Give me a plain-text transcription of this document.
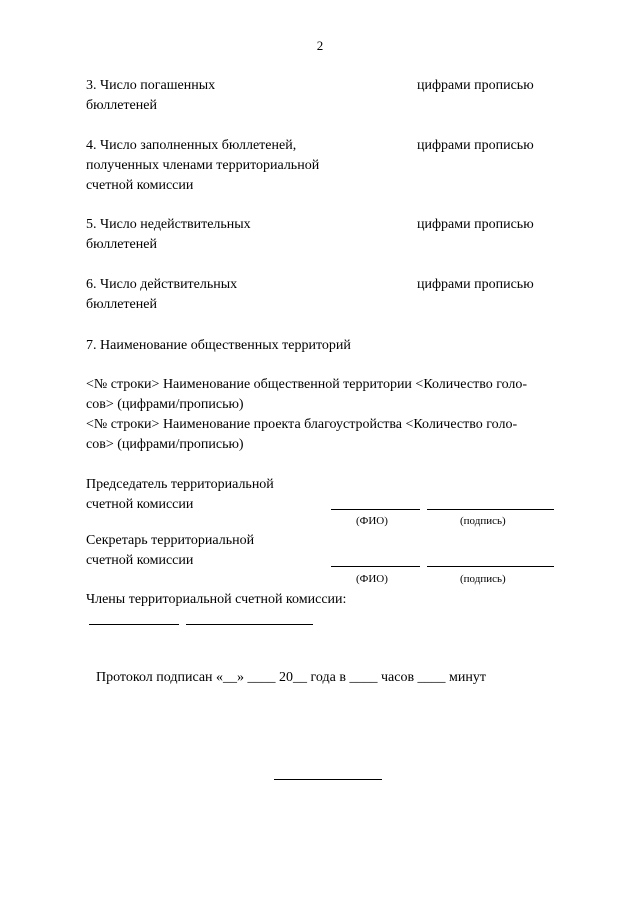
2
3. Число погашенных
бюллетеней
цифрами прописью
4. Число заполненных бюллетеней,
полученных членами территориальной
счетной комиссии
цифрами прописью
5. Число недействительных
бюллетеней
цифрами прописью
6. Число действительных
бюллетеней
цифрами прописью
7. Наименование общественных территорий
<№ строки> Наименование общественной территории <Количество голо-
сов> (цифрами/прописью)
<№ строки> Наименование проекта благоустройства <Количество голо-
сов> (цифрами/прописью)
Председатель территориальной
счетной комиссии
(ФИО)	(подпись)
Секретарь территориальной
счетной комиссии
(ФИО)	(подпись)
Члены территориальной счетной комиссии:
Протокол подписан «__» ____ 20__ года в ____ часов ____ минут
